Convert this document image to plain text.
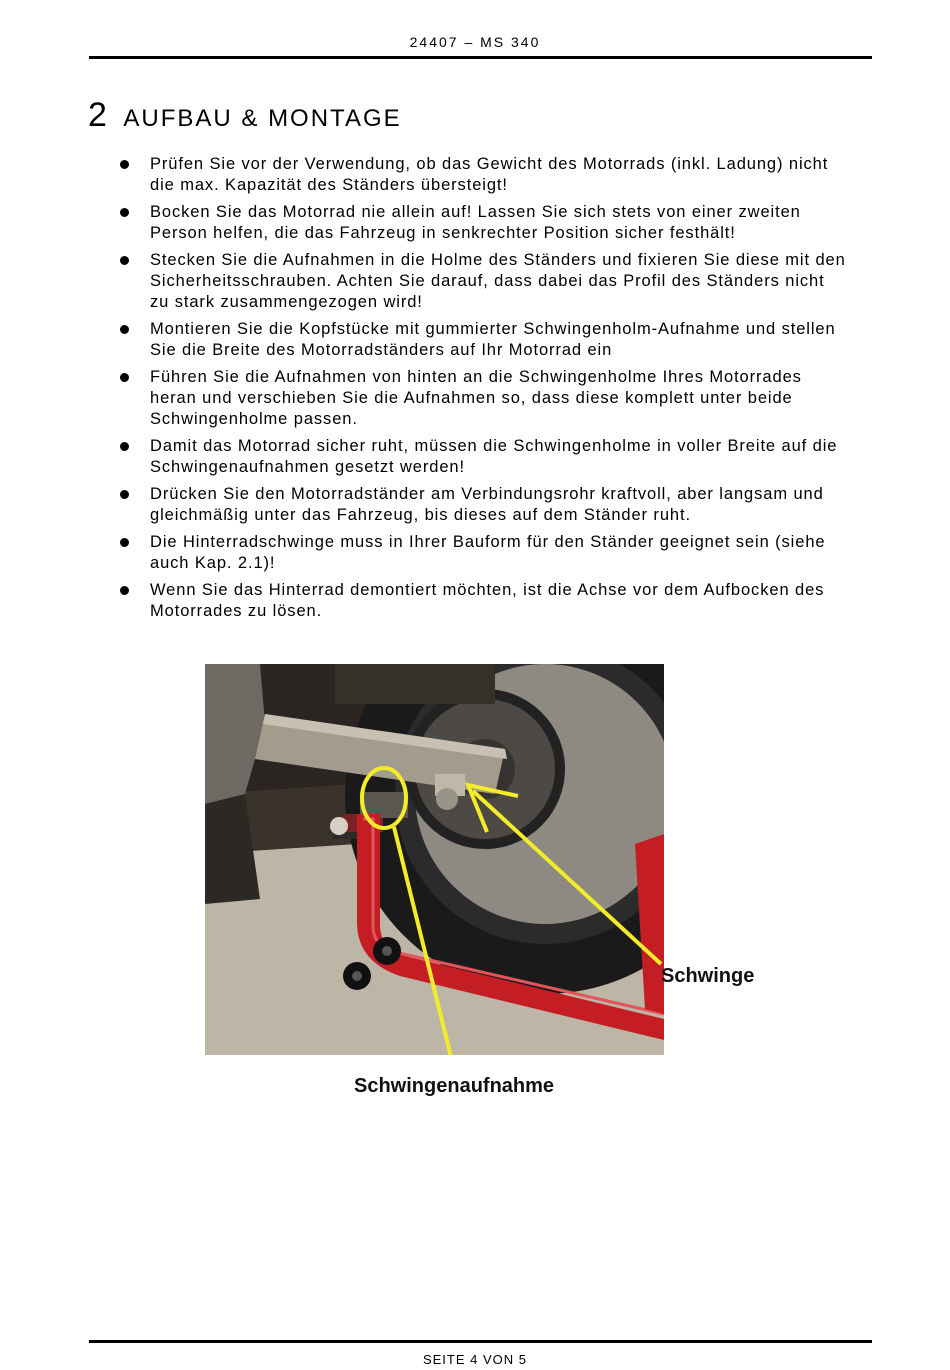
24407 – MS 340
2 AUFBAU & MONTAGE
Prüfen Sie vor der Verwendung, ob das Gewicht des Motorrads (inkl. Ladung) nicht die max. Kapazität des Ständers übersteigt!
Bocken Sie das Motorrad nie allein auf! Lassen Sie sich stets von einer zweiten Person helfen, die das Fahrzeug in senkrechter Position sicher festhält!
Stecken Sie die Aufnahmen in die Holme des Ständers und fixieren Sie diese mit den Sicherheitsschrauben. Achten Sie darauf, dass dabei das Profil des Ständers nicht zu stark zusammengezogen wird!
Montieren Sie die Kopfstücke mit gummierter Schwingenholm-Aufnahme und stellen Sie die Breite des Motorradständers auf Ihr Motorrad ein
Führen Sie die Aufnahmen von hinten an die Schwingenholme Ihres Motorrades heran und verschieben Sie die Aufnahmen so, dass diese komplett unter beide Schwingenholme passen.
Damit das Motorrad sicher ruht, müssen die Schwingenholme in voller Breite auf die Schwingenaufnahmen gesetzt werden!
Drücken Sie den Motorradständer am Verbindungsrohr kraftvoll, aber langsam und gleichmäßig unter das Fahrzeug, bis dieses auf dem Ständer ruht.
Die Hinterradschwinge muss in Ihrer Bauform für den Ständer geeignet sein (siehe auch Kap. 2.1)!
Wenn Sie das Hinterrad demontiert möchten, ist die Achse vor dem Aufbocken des Motorrades zu lösen.
Schwinge
Schwingenaufnahme
SEITE 4 VON 5
